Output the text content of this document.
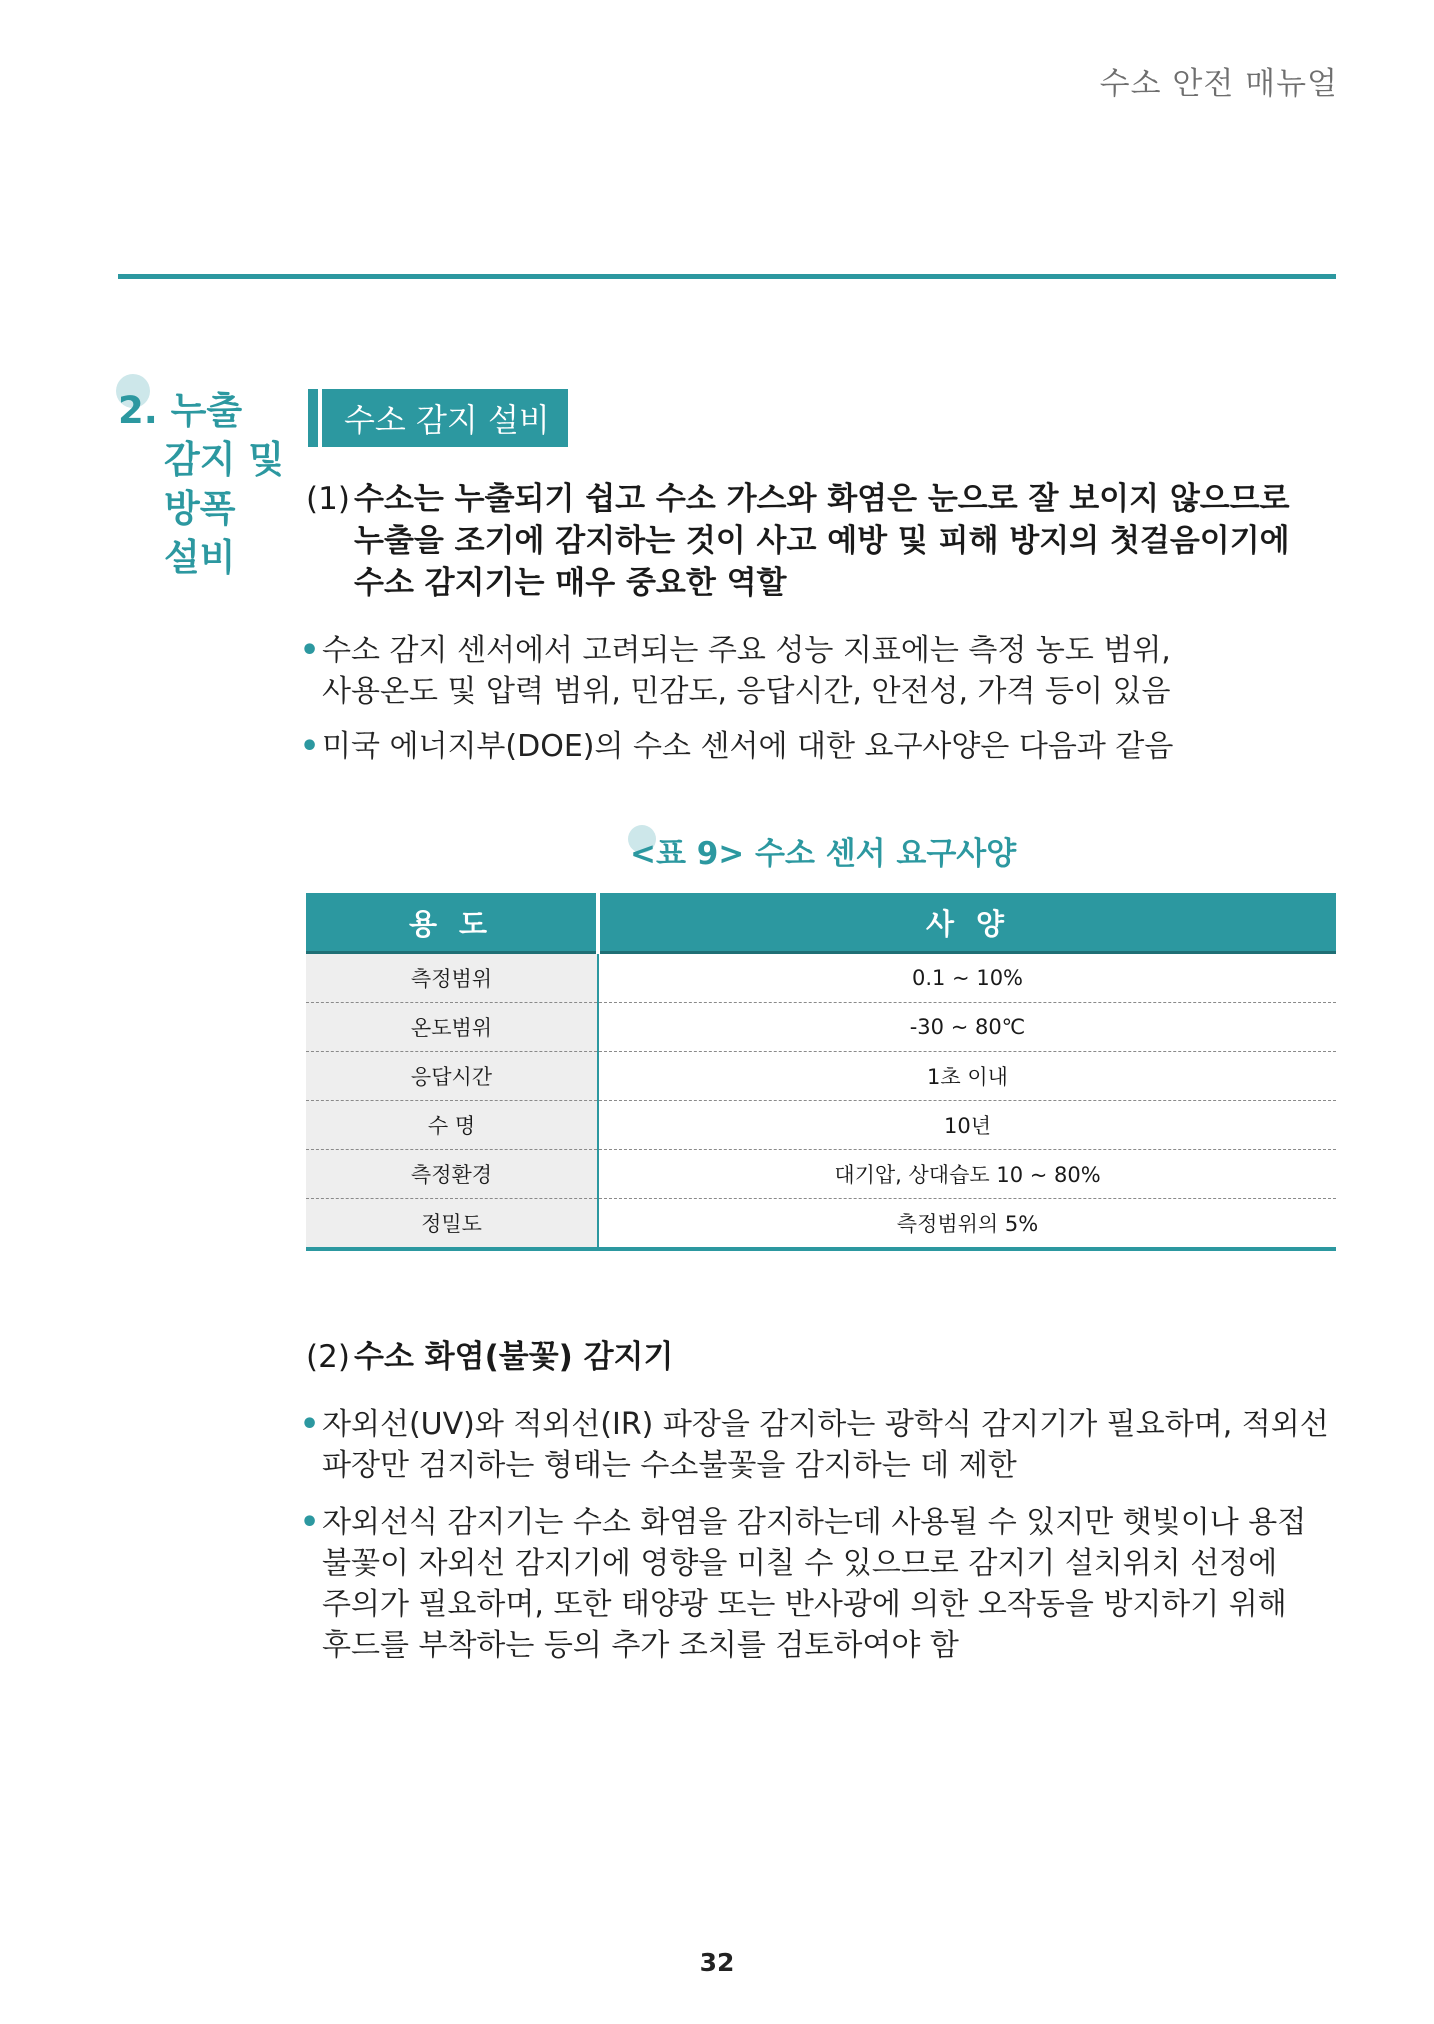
수소 안전 매뉴얼
2. 누출
감지 및
방폭
설비
수소 감지 설비
(1) 수소는 누출되기 쉽고 수소 가스와 화염은 눈으로 잘 보이지 않으므로
누출을 조기에 감지하는 것이 사고 예방 및 피해 방지의 첫걸음이기에
수소 감지기는 매우 중요한 역할
• 수소 감지 센서에서 고려되는 주요 성능 지표에는 측정 농도 범위,
사용온도 및 압력 범위, 민감도, 응답시간, 안전성, 가격 등이 있음
• 미국 에너지부(DOE)의 수소 센서에 대한 요구사양은 다음과 같음
<표 9> 수소 센서 요구사양
용 도	사 양
측정범위	0.1 ~ 10%
온도범위	-30 ~ 80℃
응답시간	1초 이내
수 명	10년
측정환경	대기압, 상대습도 10 ~ 80%
정밀도	측정범위의 5%
(2) 수소 화염(불꽃) 감지기
• 자외선(UV)와 적외선(IR) 파장을 감지하는 광학식 감지기가 필요하며, 적외선
파장만 검지하는 형태는 수소불꽃을 감지하는 데 제한
• 자외선식 감지기는 수소 화염을 감지하는데 사용될 수 있지만 햇빛이나 용접
불꽃이 자외선 감지기에 영향을 미칠 수 있으므로 감지기 설치위치 선정에
주의가 필요하며, 또한 태양광 또는 반사광에 의한 오작동을 방지하기 위해
후드를 부착하는 등의 추가 조치를 검토하여야 함
32
